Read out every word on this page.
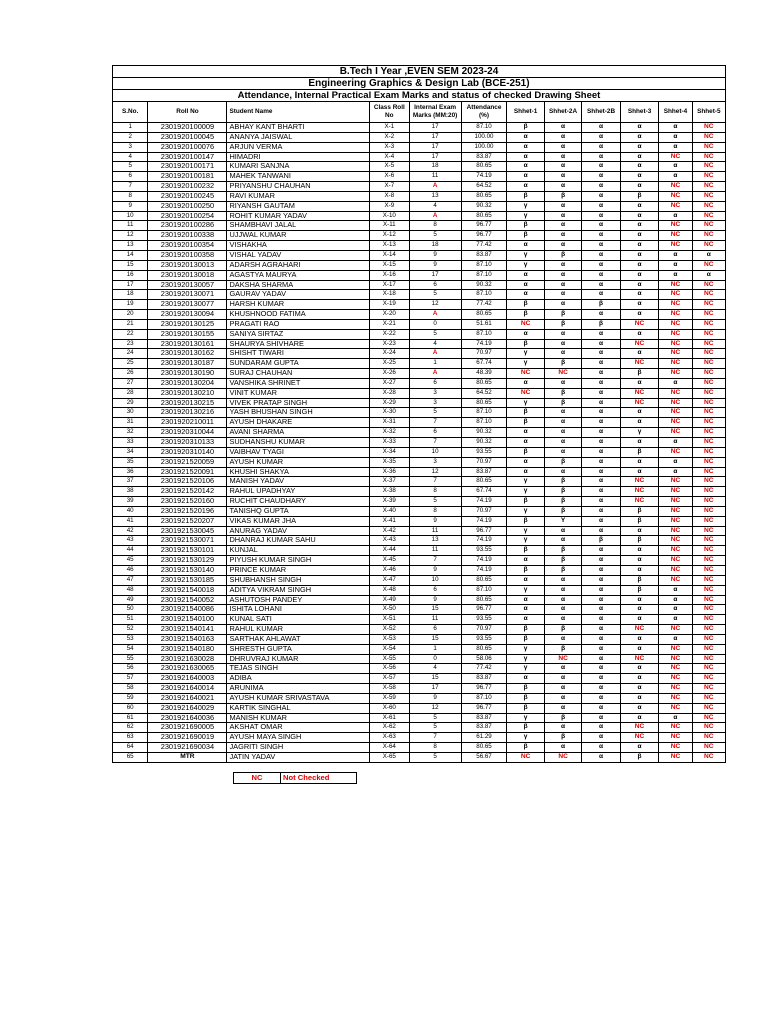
B.Tech I Year ,EVEN SEM 2023-24
Engineering Graphics & Design Lab (BCE-251)
Attendance, Internal Practical Exam Marks and status of checked Drawing Sheet
S.No.	Roll No	Student Name	Class Roll No	Internal Exam Marks (MM:20)	Attendance (%)	Shhet-1	Shhet-2A	Shhet-2B	Shhet-3	Shhet-4	Shhet-5
1	2301920100009	ABHAY KANT BHARTI	X-1	17	87.10	β	α	α	α	α	NC
2	2301920100045	ANANYA JAISWAL	X-2	17	100.00	α	α	α	α	α	NC
3	2301920100076	ARJUN VERMA	X-3	17	100.00	α	α	α	α	α	NC
4	2301920100147	HIMADRI	X-4	17	83.87	α	α	α	α	NC	NC
5	2301920100171	KUMARI SANJNA	X-5	18	80.65	α	α	α	α	α	NC
6	2301920100181	MAHEK TANWANI	X-6	11	74.19	α	α	α	α	α	NC
7	2301920100232	PRIYANSHU CHAUHAN	X-7	A	64.52	α	α	α	α	NC	NC
8	2301920100245	RAVI KUMAR	X-8	13	80.65	β	β	α	β	NC	NC
9	2301920100250	RIYANSH GAUTAM	X-9	4	90.32	γ	α	α	α	NC	NC
10	2301920100254	ROHIT KUMAR YADAV	X-10	A	80.65	γ	α	α	α	α	NC
11	2301920100286	SHAMBHAVI JALAL	X-11	8	96.77	β	α	α	α	NC	NC
12	2301920100338	UJJWAL KUMAR	X-12	5	96.77	β	α	α	α	NC	NC
13	2301920100354	VISHAKHA	X-13	18	77.42	α	α	α	α	NC	NC
14	2301920100358	VISHAL YADAV	X-14	9	83.87	γ	β	α	α	α	α
15	2301920130013	ADARSH AGRAHARI	X-15	9	87.10	γ	α	α	α	α	NC
16	2301920130018	AGASTYA MAURYA	X-16	17	87.10	α	α	α	α	α	α
17	2301920130057	DAKSHA SHARMA	X-17	6	90.32	α	α	α	α	NC	NC
18	2301920130071	GAURAV YADAV	X-18	5	87.10	α	α	α	α	NC	NC
19	2301920130077	HARSH KUMAR	X-19	12	77.42	β	α	β	α	NC	NC
20	2301920130094	KHUSHNOOD FATIMA	X-20	A	80.65	β	β	α	α	NC	NC
21	2301920130125	PRAGATI RAO	X-21	0	51.61	NC	β	β	NC	NC	NC
22	2301920130155	SANIYA SIRTAZ	X-22	5	87.10	α	α	α	α	NC	NC
23	2301920130161	SHAURYA SHIVHARE	X-23	4	74.19	β	α	α	NC	NC	NC
24	2301920130162	SHISHT TIWARI	X-24	A	70.97	γ	α	α	α	NC	NC
25	2301920130187	SUNDARAM GUPTA	X-25	1	67.74	γ	β	α	NC	NC	NC
26	2301920130190	SURAJ CHAUHAN	X-26	A	48.39	NC	NC	α	β	NC	NC
27	2301920130204	VANSHIKA SHRINET	X-27	6	80.65	α	α	α	α	α	NC
28	2301920130210	VINIT KUMAR	X-28	3	64.52	NC	β	α	NC	NC	NC
29	2301920130215	VIVEK PRATAP SINGH	X-29	3	80.65	γ	β	α	NC	NC	NC
30	2301920130216	YASH BHUSHAN SINGH	X-30	5	87.10	β	α	α	α	NC	NC
31	2301920210011	AYUSH DHAKARE	X-31	7	87.10	β	α	α	α	NC	NC
32	2301920310044	AVANI SHARMA	X-32	6	90.32	α	α	α	γ	NC	NC
33	2301920310133	SUDHANSHU KUMAR	X-33	7	90.32	α	α	α	α	α	NC
34	2301920310140	VAIBHAV TYAGI	X-34	10	93.55	β	α	α	β	NC	NC
35	2301921520059	AYUSH KUMAR	X-35	3	70.97	α	β	α	α	α	NC
36	2301921520091	KHUSHI SHAKYA	X-36	12	83.87	α	α	α	α	α	NC
37	2301921520106	MANISH YADAV	X-37	7	80.65	γ	β	α	NC	NC	NC
38	2301921520142	RAHUL UPADHYAY	X-38	8	67.74	γ	β	α	NC	NC	NC
39	2301921520160	RUCHIT CHAUDHARY	X-39	5	74.19	β	β	α	NC	NC	NC
40	2301921520196	TANISHQ GUPTA	X-40	8	70.97	γ	β	α	β	NC	NC
41	2301921520207	VIKAS KUMAR JHA	X-41	9	74.19	β	Y	α	β	NC	NC
42	2301921530045	ANURAG YADAV	X-42	11	96.77	γ	α	α	α	NC	NC
43	2301921530071	DHANRAJ KUMAR SAHU	X-43	13	74.19	γ	α	β	β	NC	NC
44	2301921530101	KUNJAL	X-44	11	93.55	β	β	α	α	NC	NC
45	2301921530129	PIYUSH KUMAR SINGH	X-45	7	74.19	α	β	α	α	NC	NC
46	2301921530140	PRINCE KUMAR	X-46	9	74.19	β	β	α	α	NC	NC
47	2301921530185	SHUBHANSH SINGH	X-47	10	80.65	α	α	α	β	NC	NC
48	2301921540018	ADITYA VIKRAM SINGH	X-48	6	87.10	γ	α	α	β	α	NC
49	2301921540052	ASHUTOSH PANDEY	X-49	9	80.65	α	α	α	α	α	NC
50	2301921540086	ISHITA LOHANI	X-50	15	96.77	α	α	α	α	α	NC
51	2301921540100	KUNAL SATI	X-51	11	93.55	α	α	α	α	α	NC
52	2301921540141	RAHUL KUMAR	X-52	6	70.97	β	β	α	NC	NC	NC
53	2301921540163	SARTHAK AHLAWAT	X-53	15	93.55	β	α	α	α	α	NC
54	2301921540180	SHRESTH GUPTA	X-54	1	80.65	γ	β	α	α	NC	NC
55	2301921630028	DHRUVRAJ KUMAR	X-55	0	58.06	γ	NC	α	NC	NC	NC
56	2301921630065	TEJAS SINGH	X-56	4	77.42	γ	α	α	α	NC	NC
57	2301921640003	ADIBA	X-57	15	83.87	α	α	α	α	NC	NC
58	2301921640014	ARUNIMA	X-58	17	96.77	β	α	α	α	NC	NC
59	2301921640021	AYUSH KUMAR SRIVASTAVA	X-59	9	87.10	β	α	α	α	NC	NC
60	2301921640029	KARTIK SINGHAL	X-60	12	96.77	β	α	α	α	NC	NC
61	2301921640036	MANISH KUMAR	X-61	5	83.87	γ	β	α	α	α	NC
62	2301921690005	AKSHAT OMAR	X-62	5	83.87	β	α	α	NC	NC	NC
63	2301921690019	AYUSH MAYA SINGH	X-63	7	61.29	γ	β	α	NC	NC	NC
64	2301921690034	JAGRITI SINGH	X-64	8	80.65	β	α	α	α	NC	NC
65	MTR	JATIN YADAV	X-65	5	56.67	NC	NC	α	β	NC	NC
NC	Not Checked
